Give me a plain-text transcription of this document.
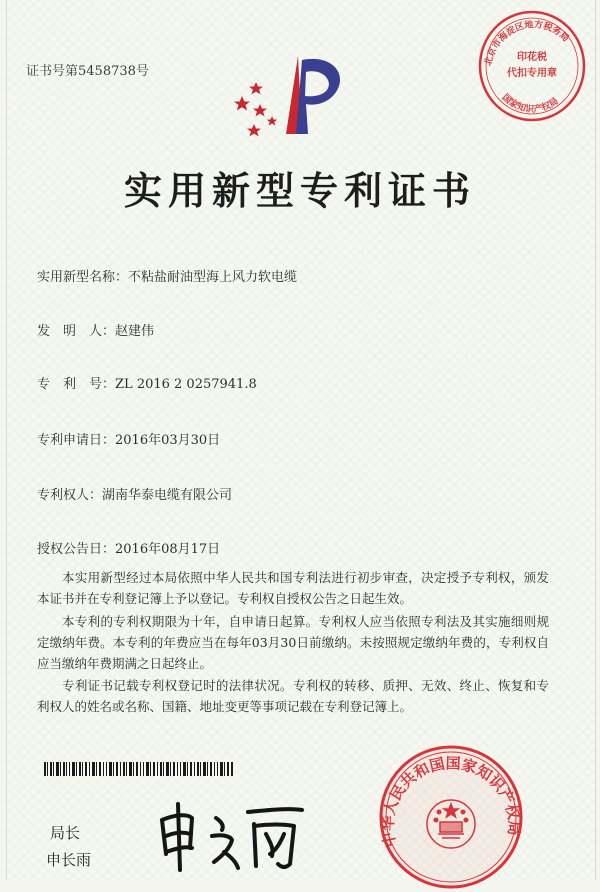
北京市海淀区地方税务局
印花税
代扣专用章
国家知识产权局
证书号第5458738号
实用新型专利证书
实用新型名称：不粘盐耐油型海上风力软电缆
发　明　人：赵建伟
专　利　号：ZL 2016 2 0257941.8
专利申请日：2016年03月30日
专利权人：湖南华泰电缆有限公司
授权公告日：2016年08月17日
本实用新型经过本局依照中华人民共和国专利法进行初步审查，决定授予专利权，颁发本证书并在专利登记簿上予以登记。专利权自授权公告之日起生效。
本专利的专利权期限为十年，自申请日起算。专利权人应当依照专利法及其实施细则规定缴纳年费。本专利的年费应当在每年03月30日前缴纳。未按照规定缴纳年费的，专利权自应当缴纳年费期满之日起终止。
专利证书记载专利权登记时的法律状况。专利权的转移、质押、无效、终止、恢复和专利权人的姓名或名称、国籍、地址变更等事项记载在专利登记簿上。
局长
申长雨
中华人民共和国国家知识产权局
